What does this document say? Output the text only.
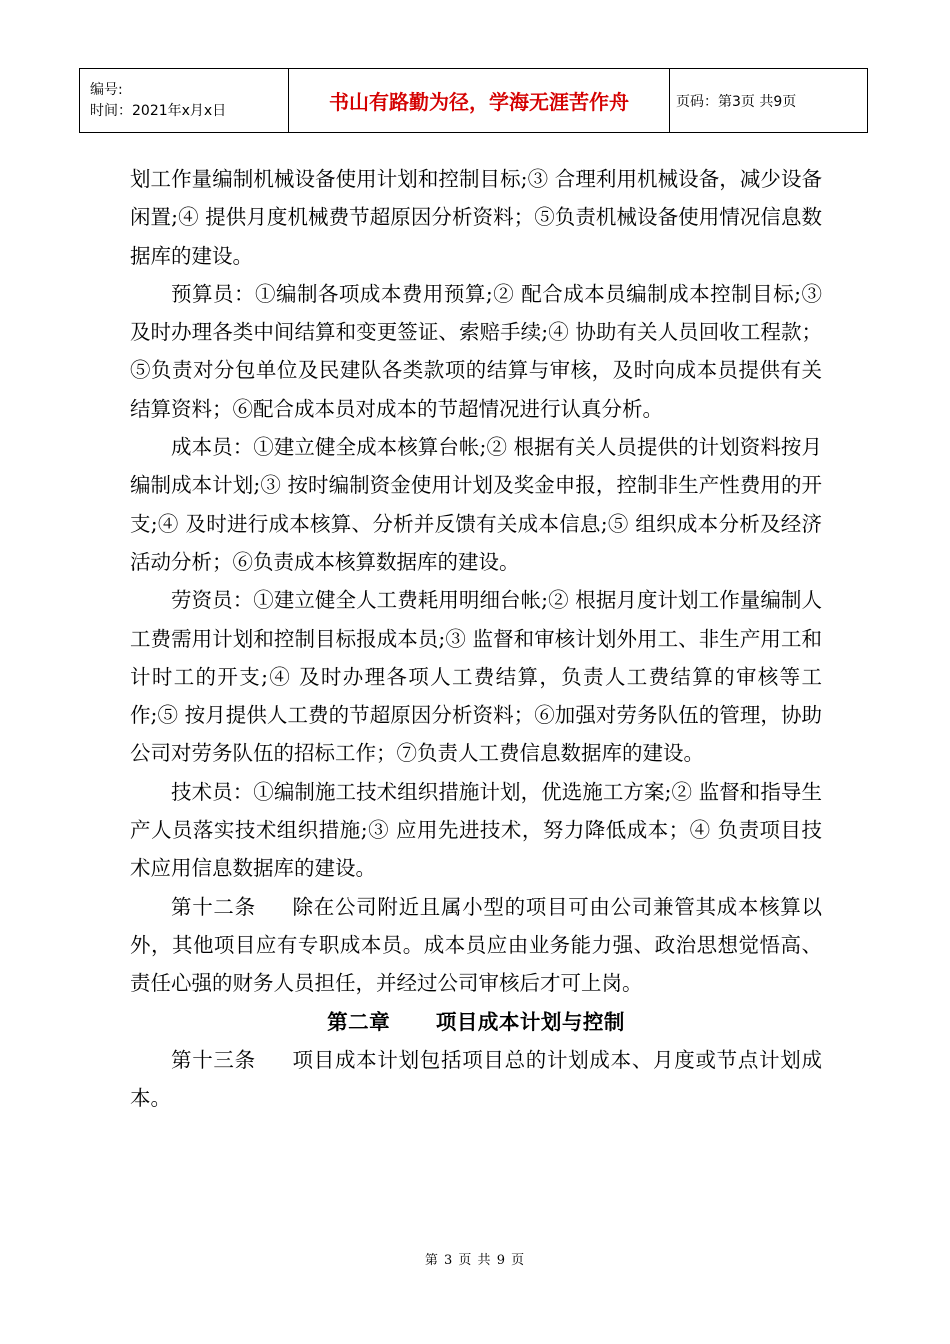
编号:
时间：2021年x月x日	书山有路勤为径，学海无涯苦作舟	页码：第3页 共9页

划工作量编制机械设备使用计划和控制目标;③ 合理利用机械设备，减少设备闲置;④ 提供月度机械费节超原因分析资料；⑤负责机械设备使用情况信息数据库的建设。

预算员：①编制各项成本费用预算;② 配合成本员编制成本控制目标;③ 及时办理各类中间结算和变更签证、索赔手续;④ 协助有关人员回收工程款；⑤负责对分包单位及民建队各类款项的结算与审核，及时向成本员提供有关结算资料；⑥配合成本员对成本的节超情况进行认真分析。

成本员：①建立健全成本核算台帐;② 根据有关人员提供的计划资料按月编制成本计划;③ 按时编制资金使用计划及奖金申报，控制非生产性费用的开支;④ 及时进行成本核算、分析并反馈有关成本信息;⑤ 组织成本分析及经济活动分析；⑥负责成本核算数据库的建设。

劳资员：①建立健全人工费耗用明细台帐;② 根据月度计划工作量编制人工费需用计划和控制目标报成本员;③ 监督和审核计划外用工、非生产用工和计时工的开支;④ 及时办理各项人工费结算，负责人工费结算的审核等工作;⑤ 按月提供人工费的节超原因分析资料；⑥加强对劳务队伍的管理，协助公司对劳务队伍的招标工作；⑦负责人工费信息数据库的建设。

技术员：①编制施工技术组织措施计划，优选施工方案;② 监督和指导生产人员落实技术组织措施;③ 应用先进技术，努力降低成本；④ 负责项目技术应用信息数据库的建设。

第十二条 除在公司附近且属小型的项目可由公司兼管其成本核算以外，其他项目应有专职成本员。成本员应由业务能力强、政治思想觉悟高、责任心强的财务人员担任，并经过公司审核后才可上岗。

第二章      项目成本计划与控制

第十三条 项目成本计划包括项目总的计划成本、月度或节点计划成本。

第 3 页 共 9 页
